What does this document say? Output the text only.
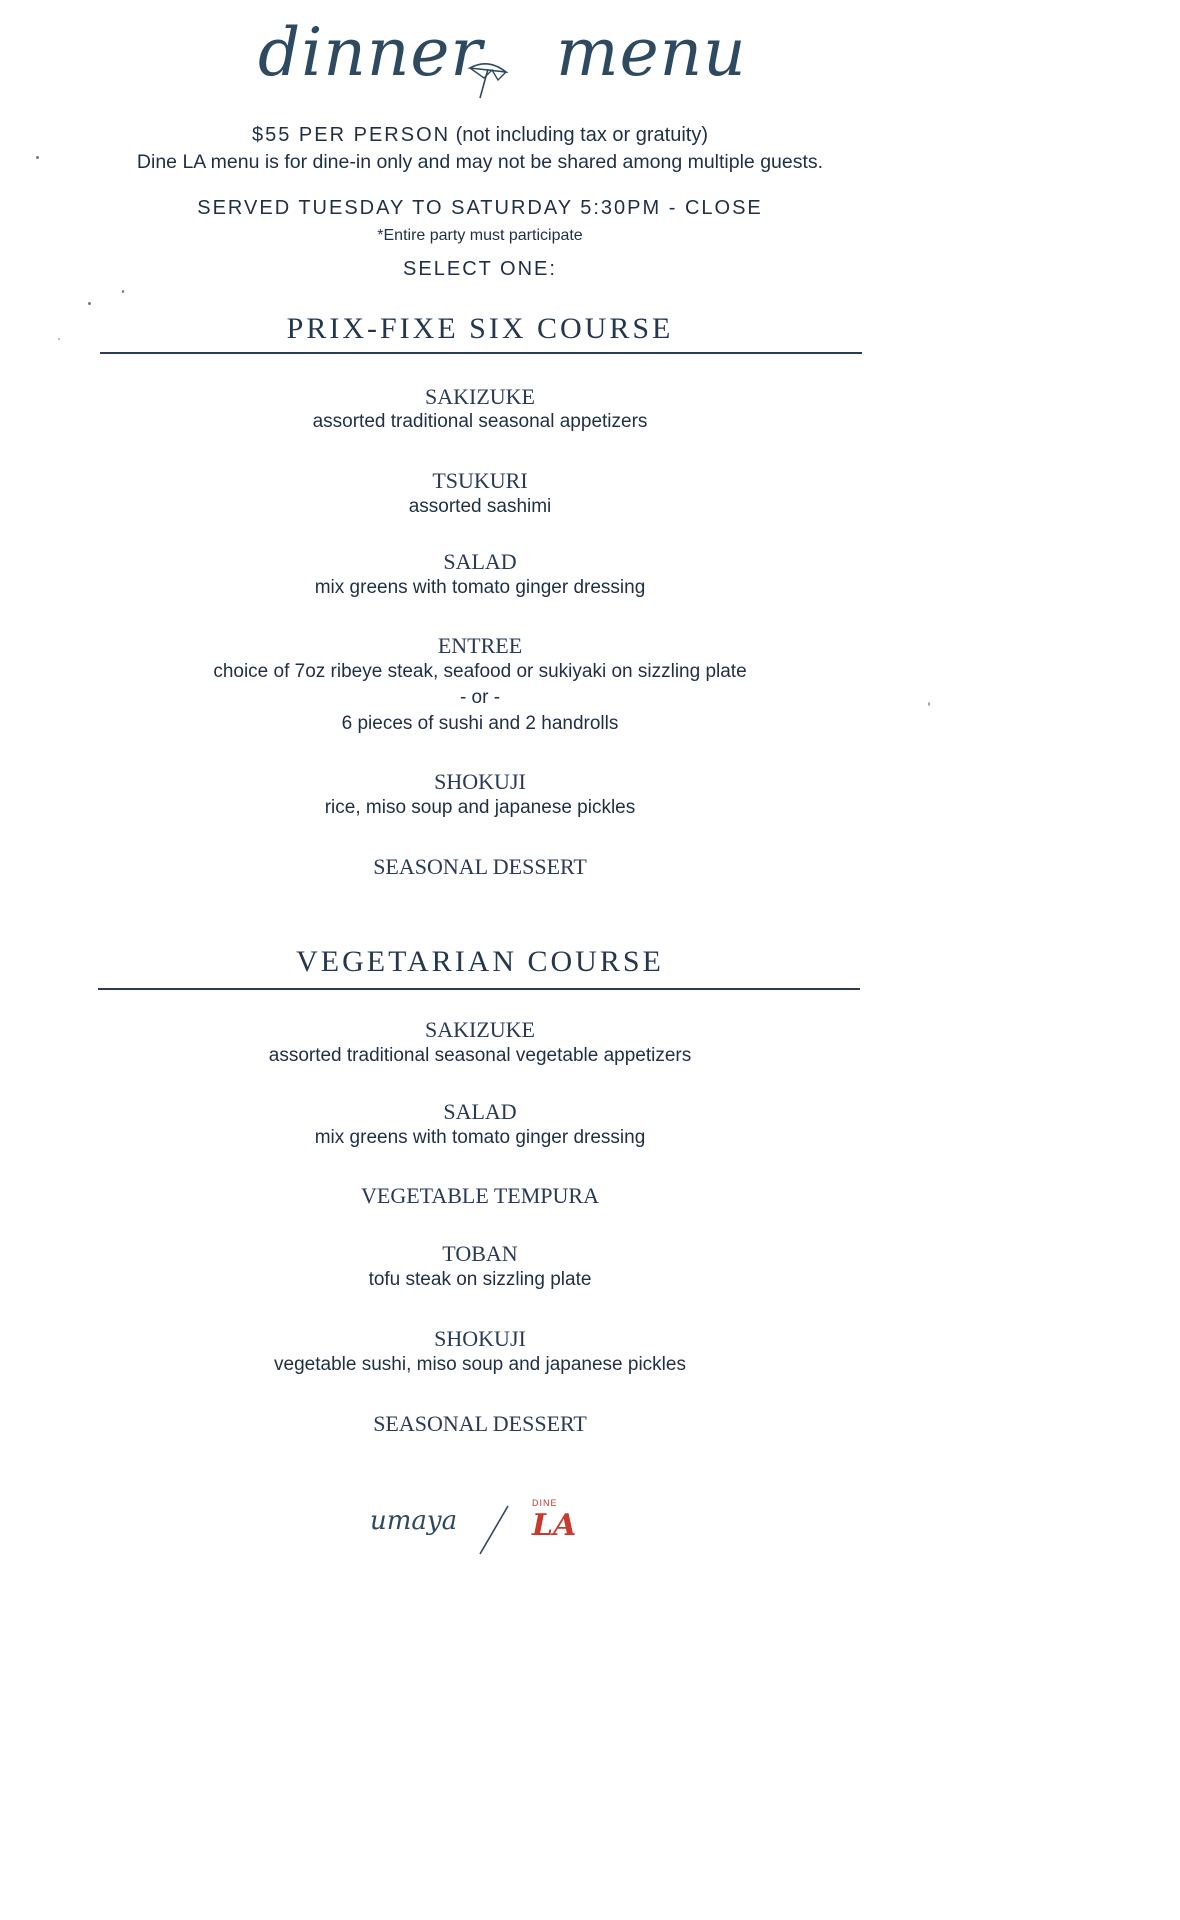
dinner menu
$55 PER PERSON (not including tax or gratuity)
Dine LA menu is for dine-in only and may not be shared among multiple guests.
SERVED TUESDAY TO SATURDAY 5:30PM - CLOSE
*Entire party must participate
SELECT ONE:
PRIX-FIXE SIX COURSE
SAKIZUKE
assorted traditional seasonal appetizers
TSUKURI
assorted sashimi
SALAD
mix greens with tomato ginger dressing
ENTREE
choice of 7oz ribeye steak, seafood or sukiyaki on sizzling plate
- or -
6 pieces of sushi and 2 handrolls
SHOKUJI
rice, miso soup and japanese pickles
SEASONAL DESSERT
VEGETARIAN COURSE
SAKIZUKE
assorted traditional seasonal vegetable appetizers
SALAD
mix greens with tomato ginger dressing
VEGETABLE TEMPURA
TOBAN
tofu steak on sizzling plate
SHOKUJI
vegetable sushi, miso soup and japanese pickles
SEASONAL DESSERT
umaya
DINE
LA
